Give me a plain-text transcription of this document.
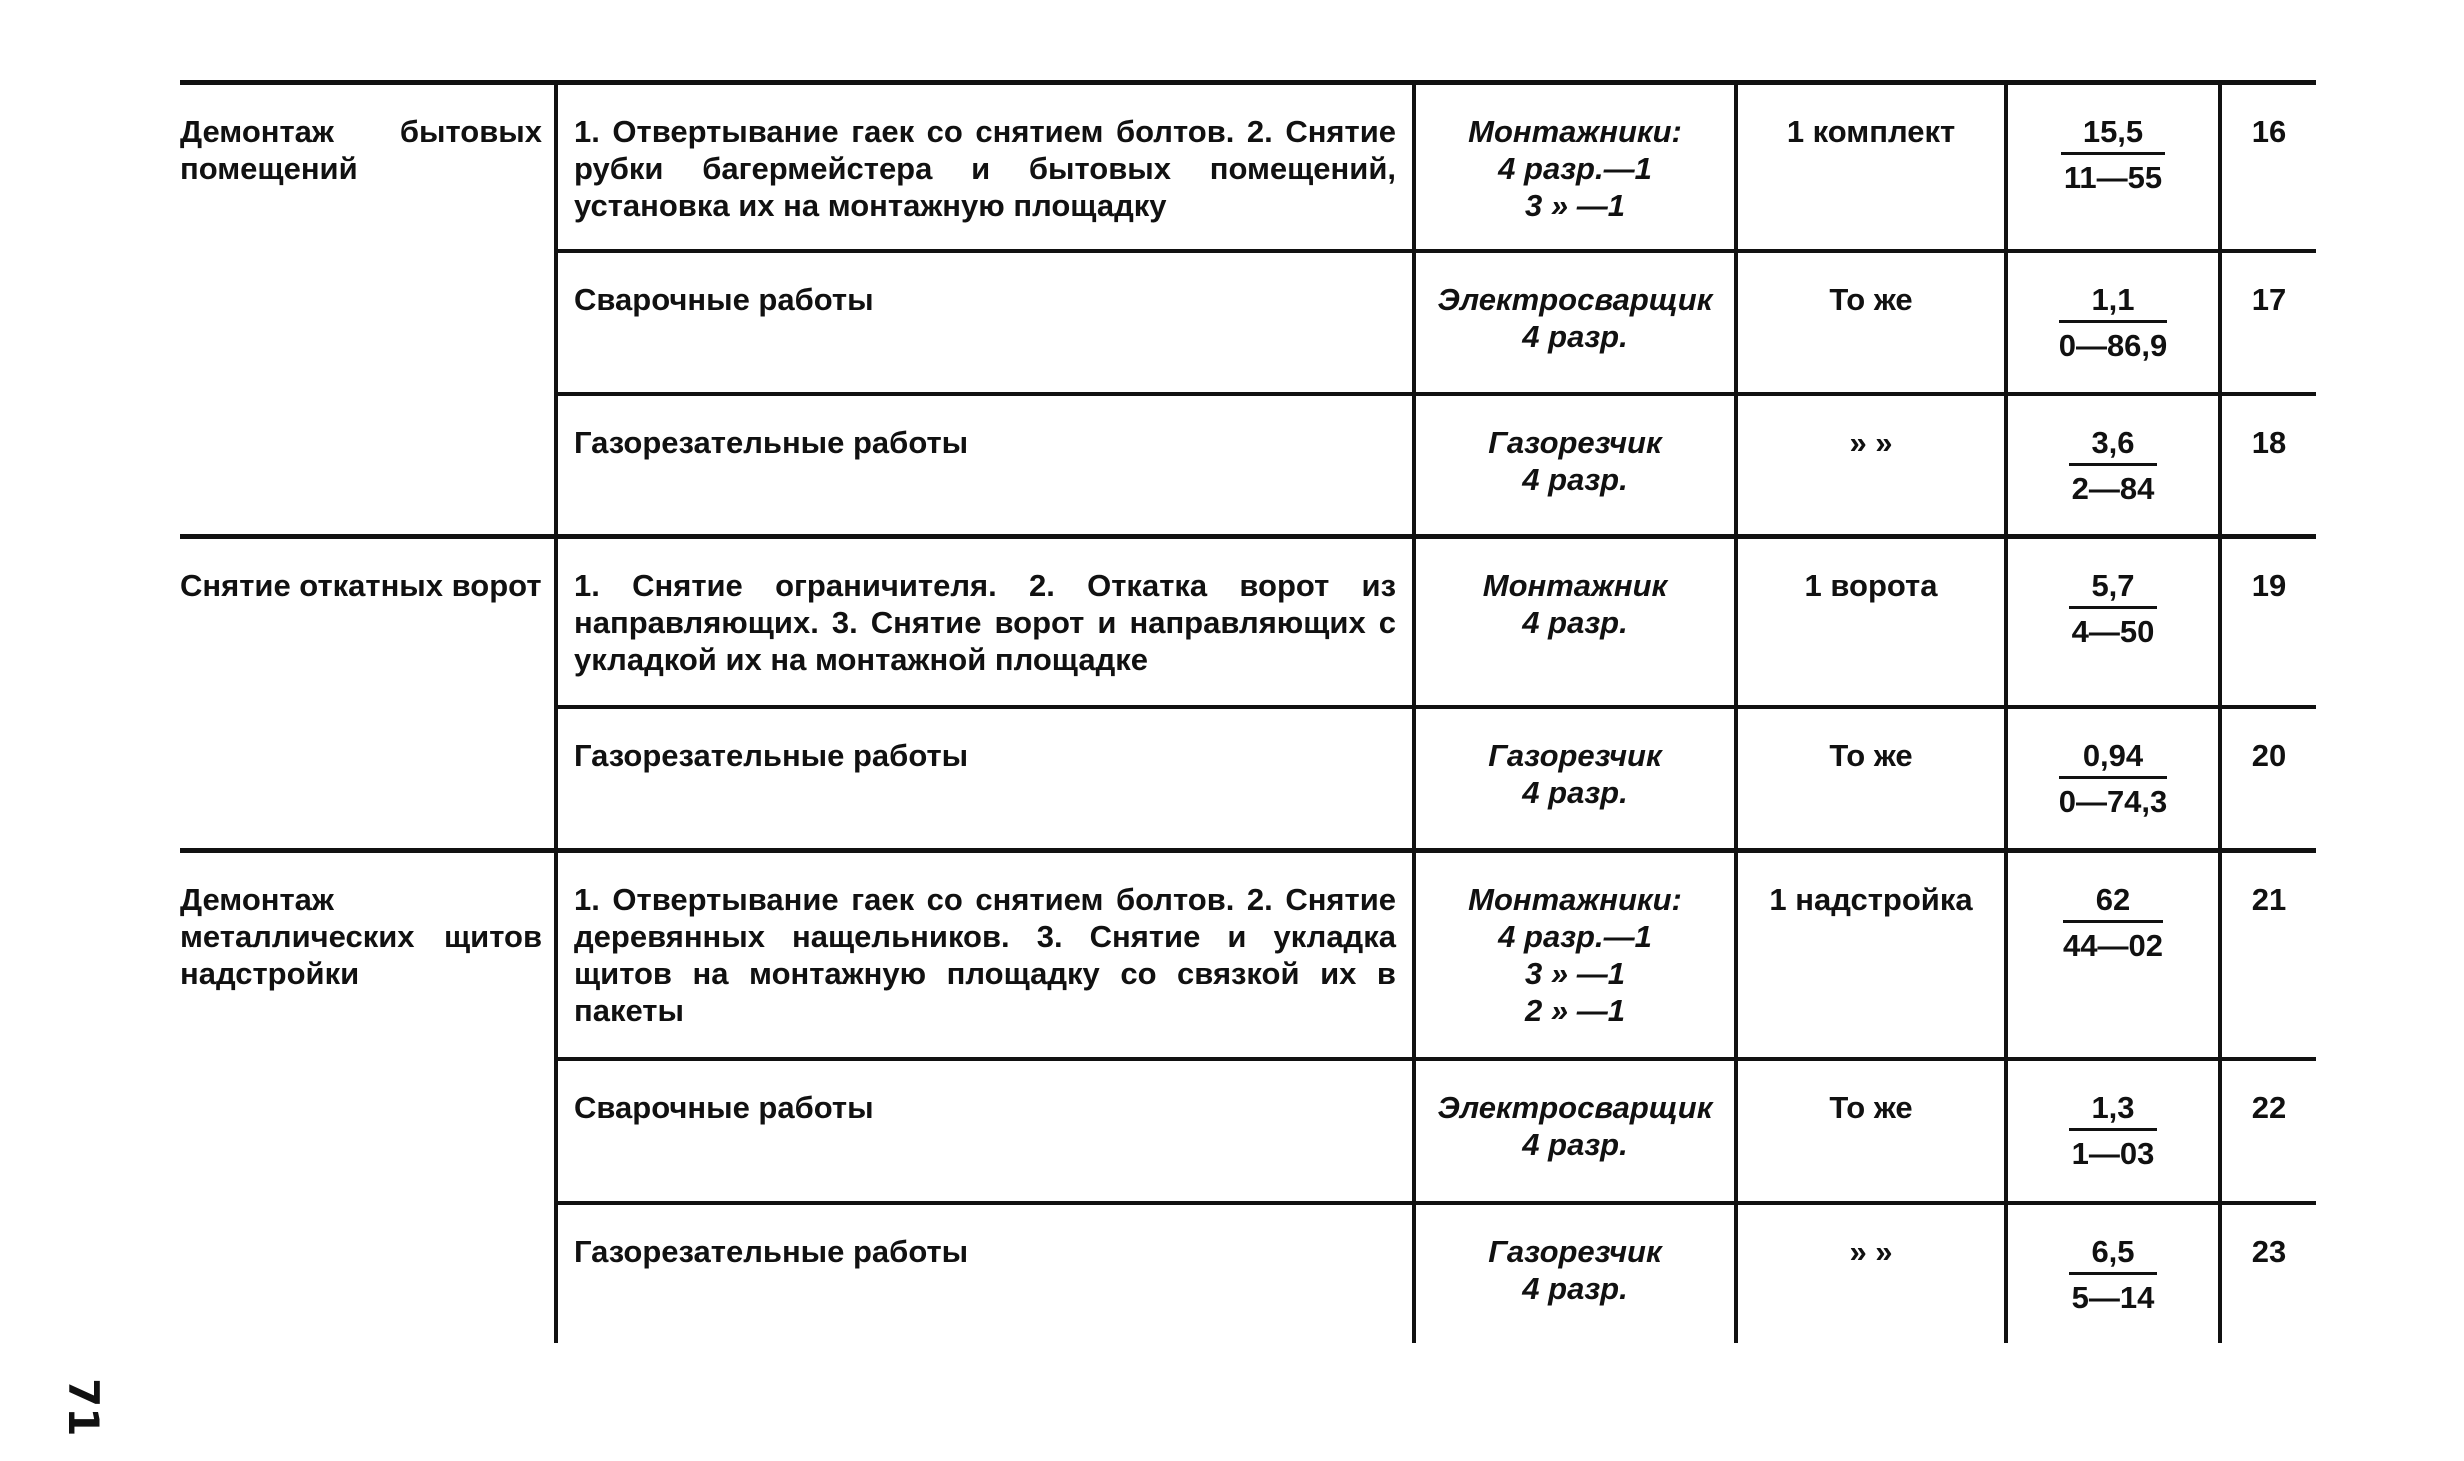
Демонтаж бытовых помещений	1. Отвертывание гаек со снятием болтов. 2. Снятие рубки багермейстера и бытовых помещений, установка их на монтажную площадку	Монтажники:
4 разр.—1
3 » —1	1 комплект	$\frac{15,5}{11—55}$	16
	Сварочные работы	Электросварщик
4 разр.	То же	$\frac{1,1}{0—86,9}$	17
	Газорезательные работы	Газорезчик
4 разр.	» »	$\frac{3,6}{2—84}$	18
Снятие откатных ворот	1. Снятие ограничителя. 2. Откатка ворот из направляющих. 3. Снятие ворот и направляющих с укладкой их на монтажной площадке	Монтажник
4 разр.	1 ворота	$\frac{5,7}{4—50}$	19
	Газорезательные работы	Газорезчик
4 разр.	То же	$\frac{0,94}{0—74,3}$	20
Демонтаж металлических щитов надстройки	1. Отвертывание гаек со снятием болтов. 2. Снятие деревянных нащельников. 3. Снятие и укладка щитов на монтажную площадку со связкой их в пакеты	Монтажники:
4 разр.—1
3 » —1
2 » —1	1 надстройка	$\frac{62}{44—02}$	21
	Сварочные работы	Электросварщик
4 разр.	То же	$\frac{1,3}{1—03}$	22
	Газорезательные работы	Газорезчик
4 разр.	» »	$\frac{6,5}{5—14}$	23
71
